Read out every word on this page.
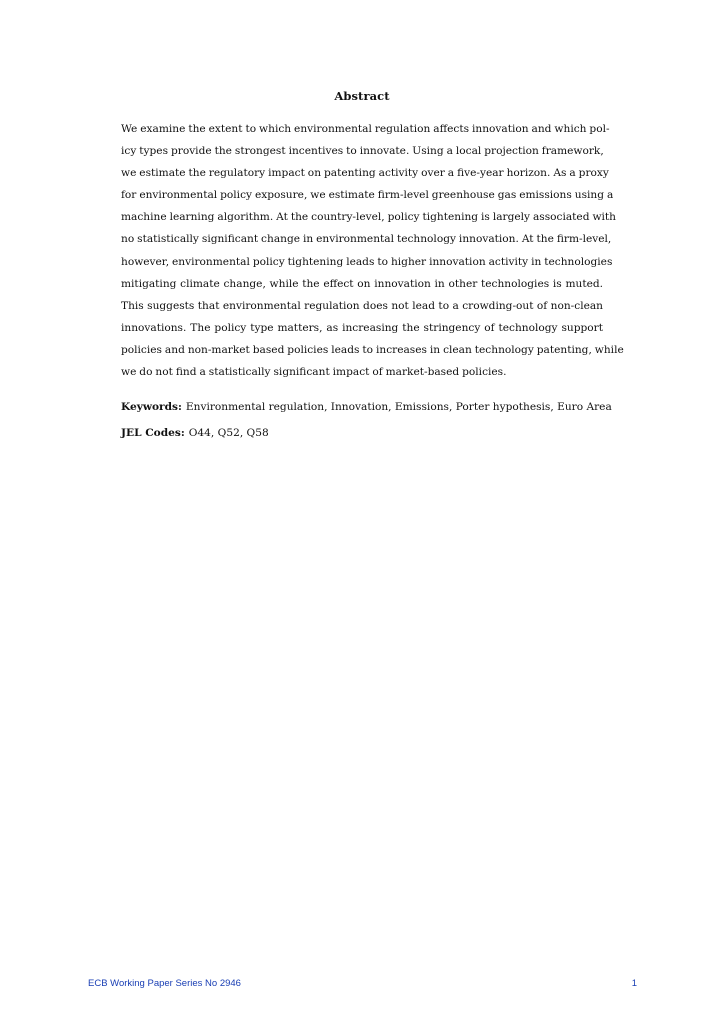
Abstract
We examine the extent to which environmental regulation affects innovation and which pol-
icy types provide the strongest incentives to innovate. Using a local projection framework,
we estimate the regulatory impact on patenting activity over a five-year horizon. As a proxy
for environmental policy exposure, we estimate firm-level greenhouse gas emissions using a
machine learning algorithm. At the country-level, policy tightening is largely associated with
no statistically significant change in environmental technology innovation. At the firm-level,
however, environmental policy tightening leads to higher innovation activity in technologies
mitigating climate change, while the effect on innovation in other technologies is muted.
This suggests that environmental regulation does not lead to a crowding-out of non-clean
innovations. The policy type matters, as increasing the stringency of technology support
policies and non-market based policies leads to increases in clean technology patenting, while
we do not find a statistically significant impact of market-based policies.
Keywords: Environmental regulation, Innovation, Emissions, Porter hypothesis, Euro Area
JEL Codes: O44, Q52, Q58
ECB Working Paper Series No 2946	1
